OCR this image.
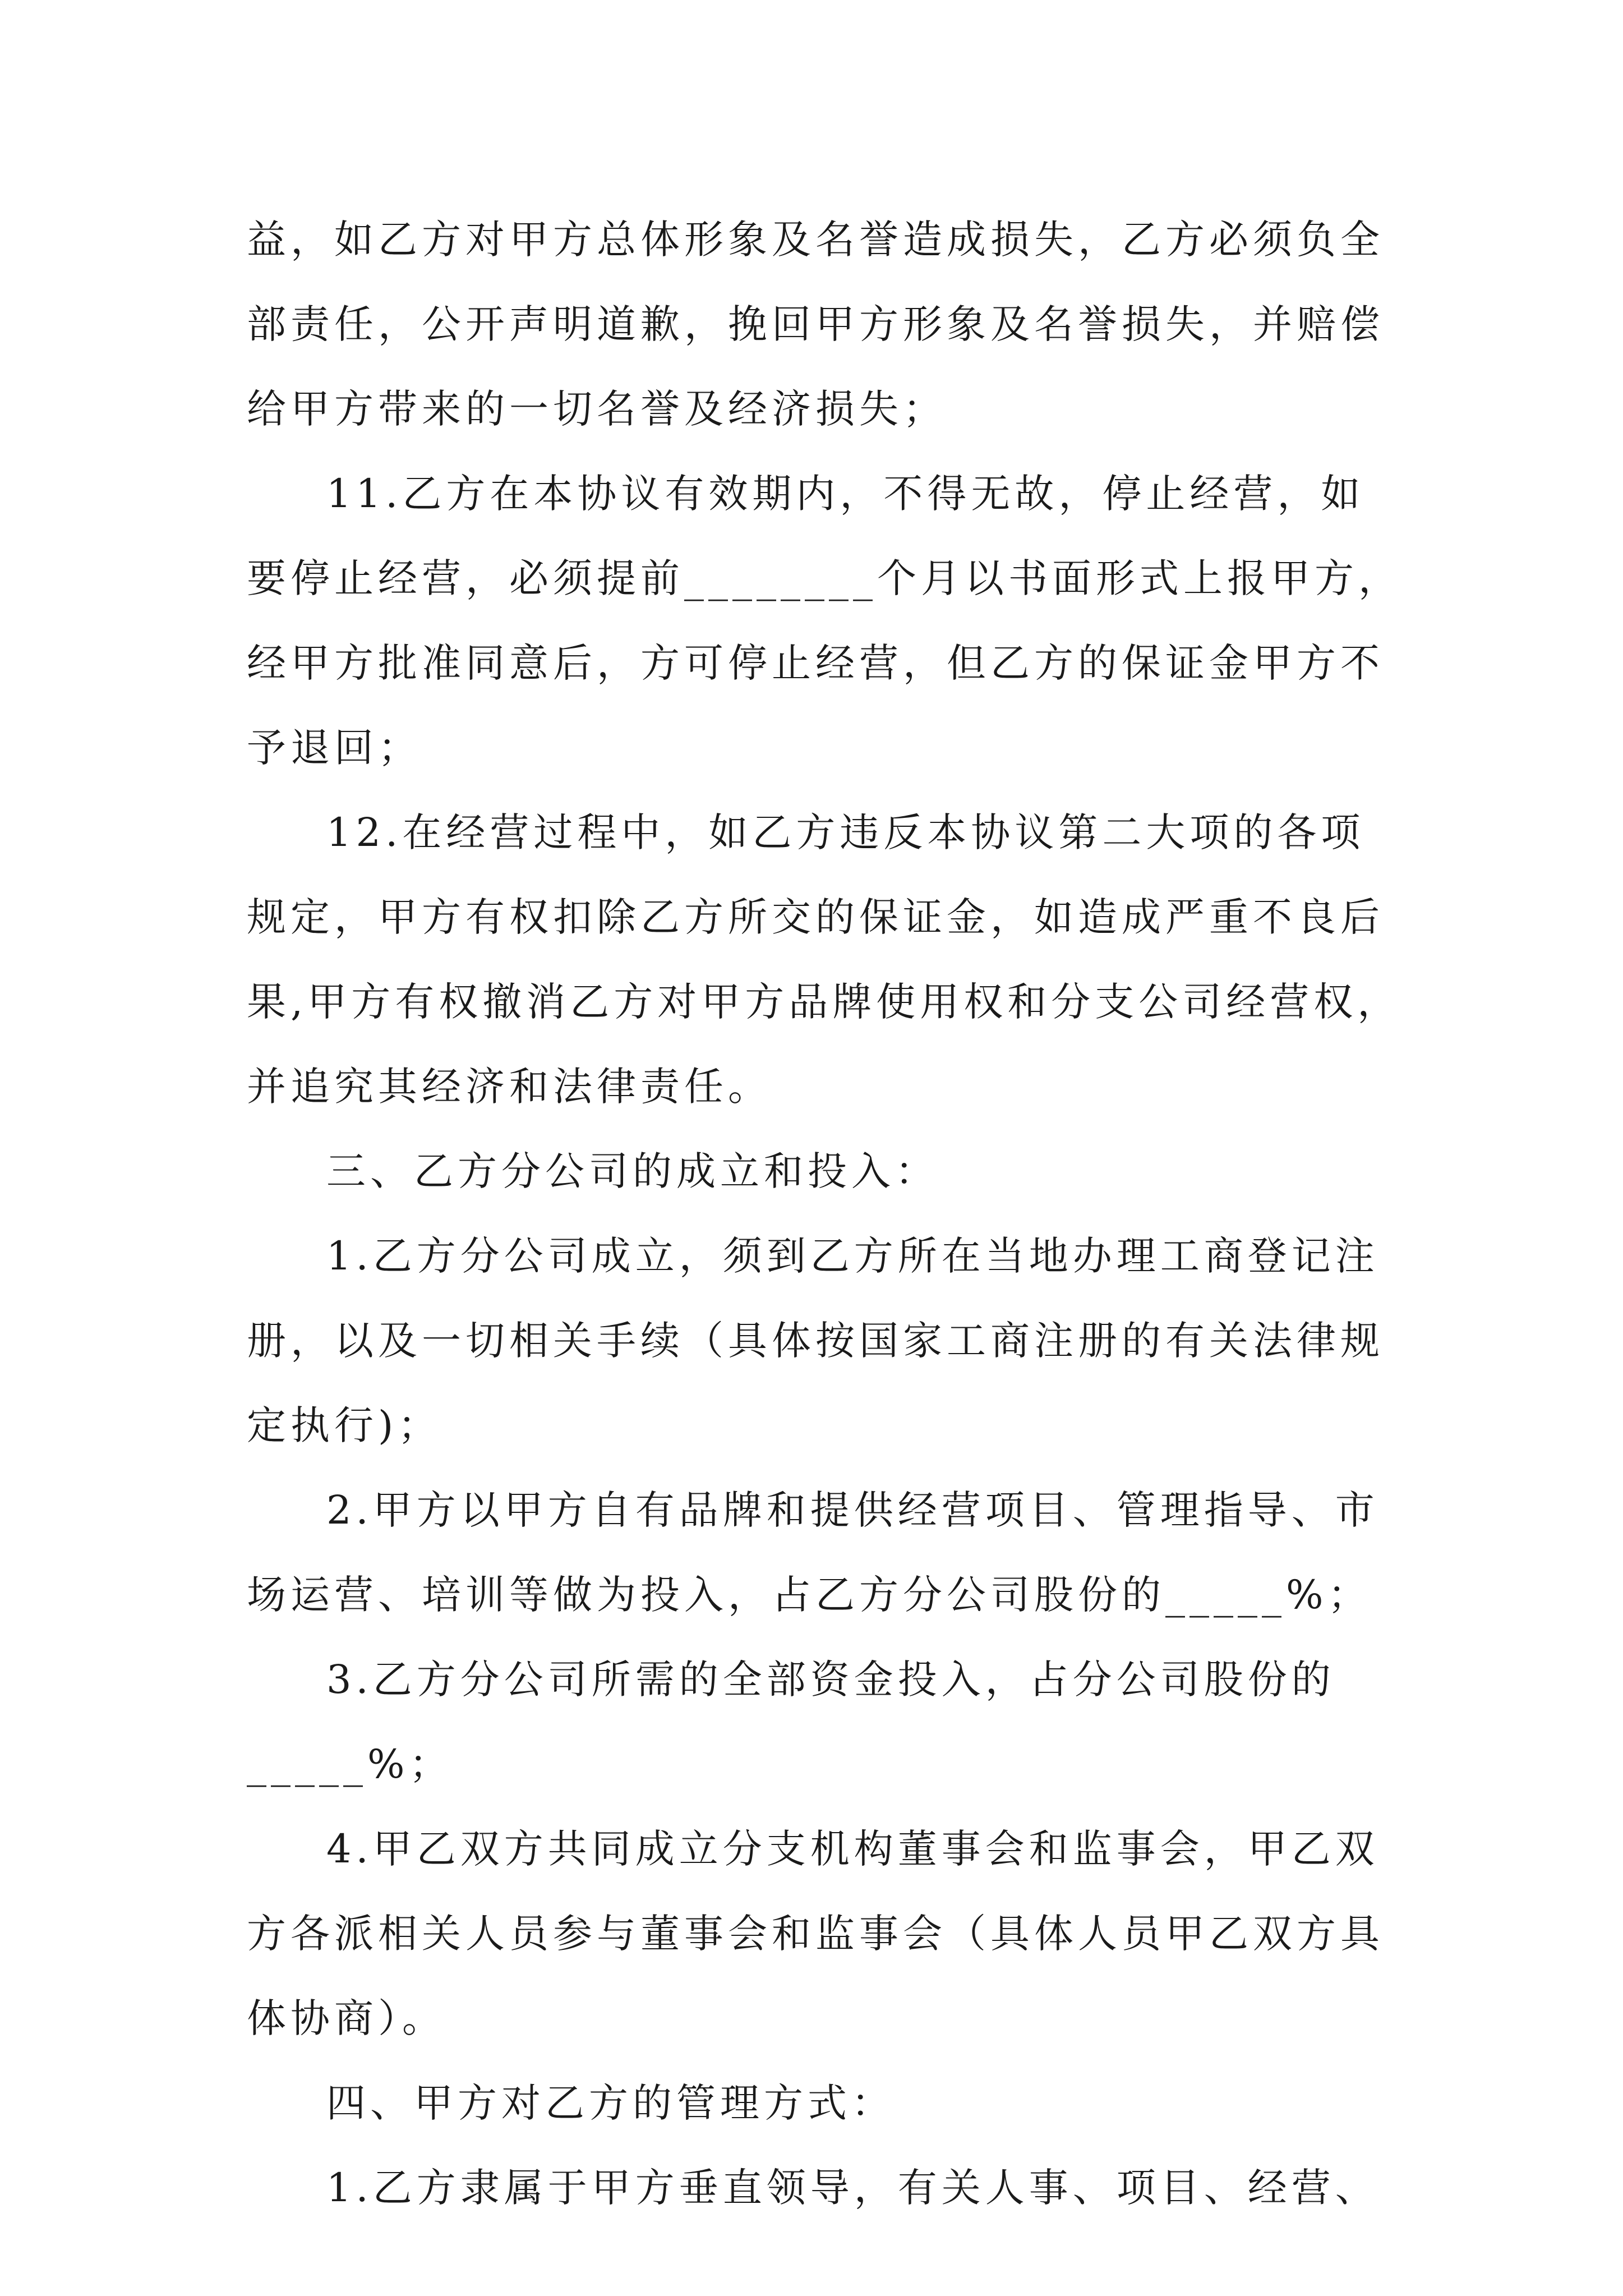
益，如乙方对甲方总体形象及名誉造成损失，乙方必须负全
部责任，公开声明道歉，挽回甲方形象及名誉损失，并赔偿
给甲方带来的一切名誉及经济损失；
11.乙方在本协议有效期内，不得无故，停止经营，如
要停止经营，必须提前________个月以书面形式上报甲方，
经甲方批准同意后，方可停止经营，但乙方的保证金甲方不
予退回；
12.在经营过程中，如乙方违反本协议第二大项的各项
规定，甲方有权扣除乙方所交的保证金，如造成严重不良后
果,甲方有权撤消乙方对甲方品牌使用权和分支公司经营权，
并追究其经济和法律责任。
三、乙方分公司的成立和投入：
1.乙方分公司成立，须到乙方所在当地办理工商登记注
册，以及一切相关手续（具体按国家工商注册的有关法律规
定执行)；
2.甲方以甲方自有品牌和提供经营项目、管理指导、市
场运营、培训等做为投入，占乙方分公司股份的_____%；
3.乙方分公司所需的全部资金投入，占分公司股份的
_____%；
4.甲乙双方共同成立分支机构董事会和监事会，甲乙双
方各派相关人员参与董事会和监事会（具体人员甲乙双方具
体协商）。
四、甲方对乙方的管理方式：
1.乙方隶属于甲方垂直领导，有关人事、项目、经营、
